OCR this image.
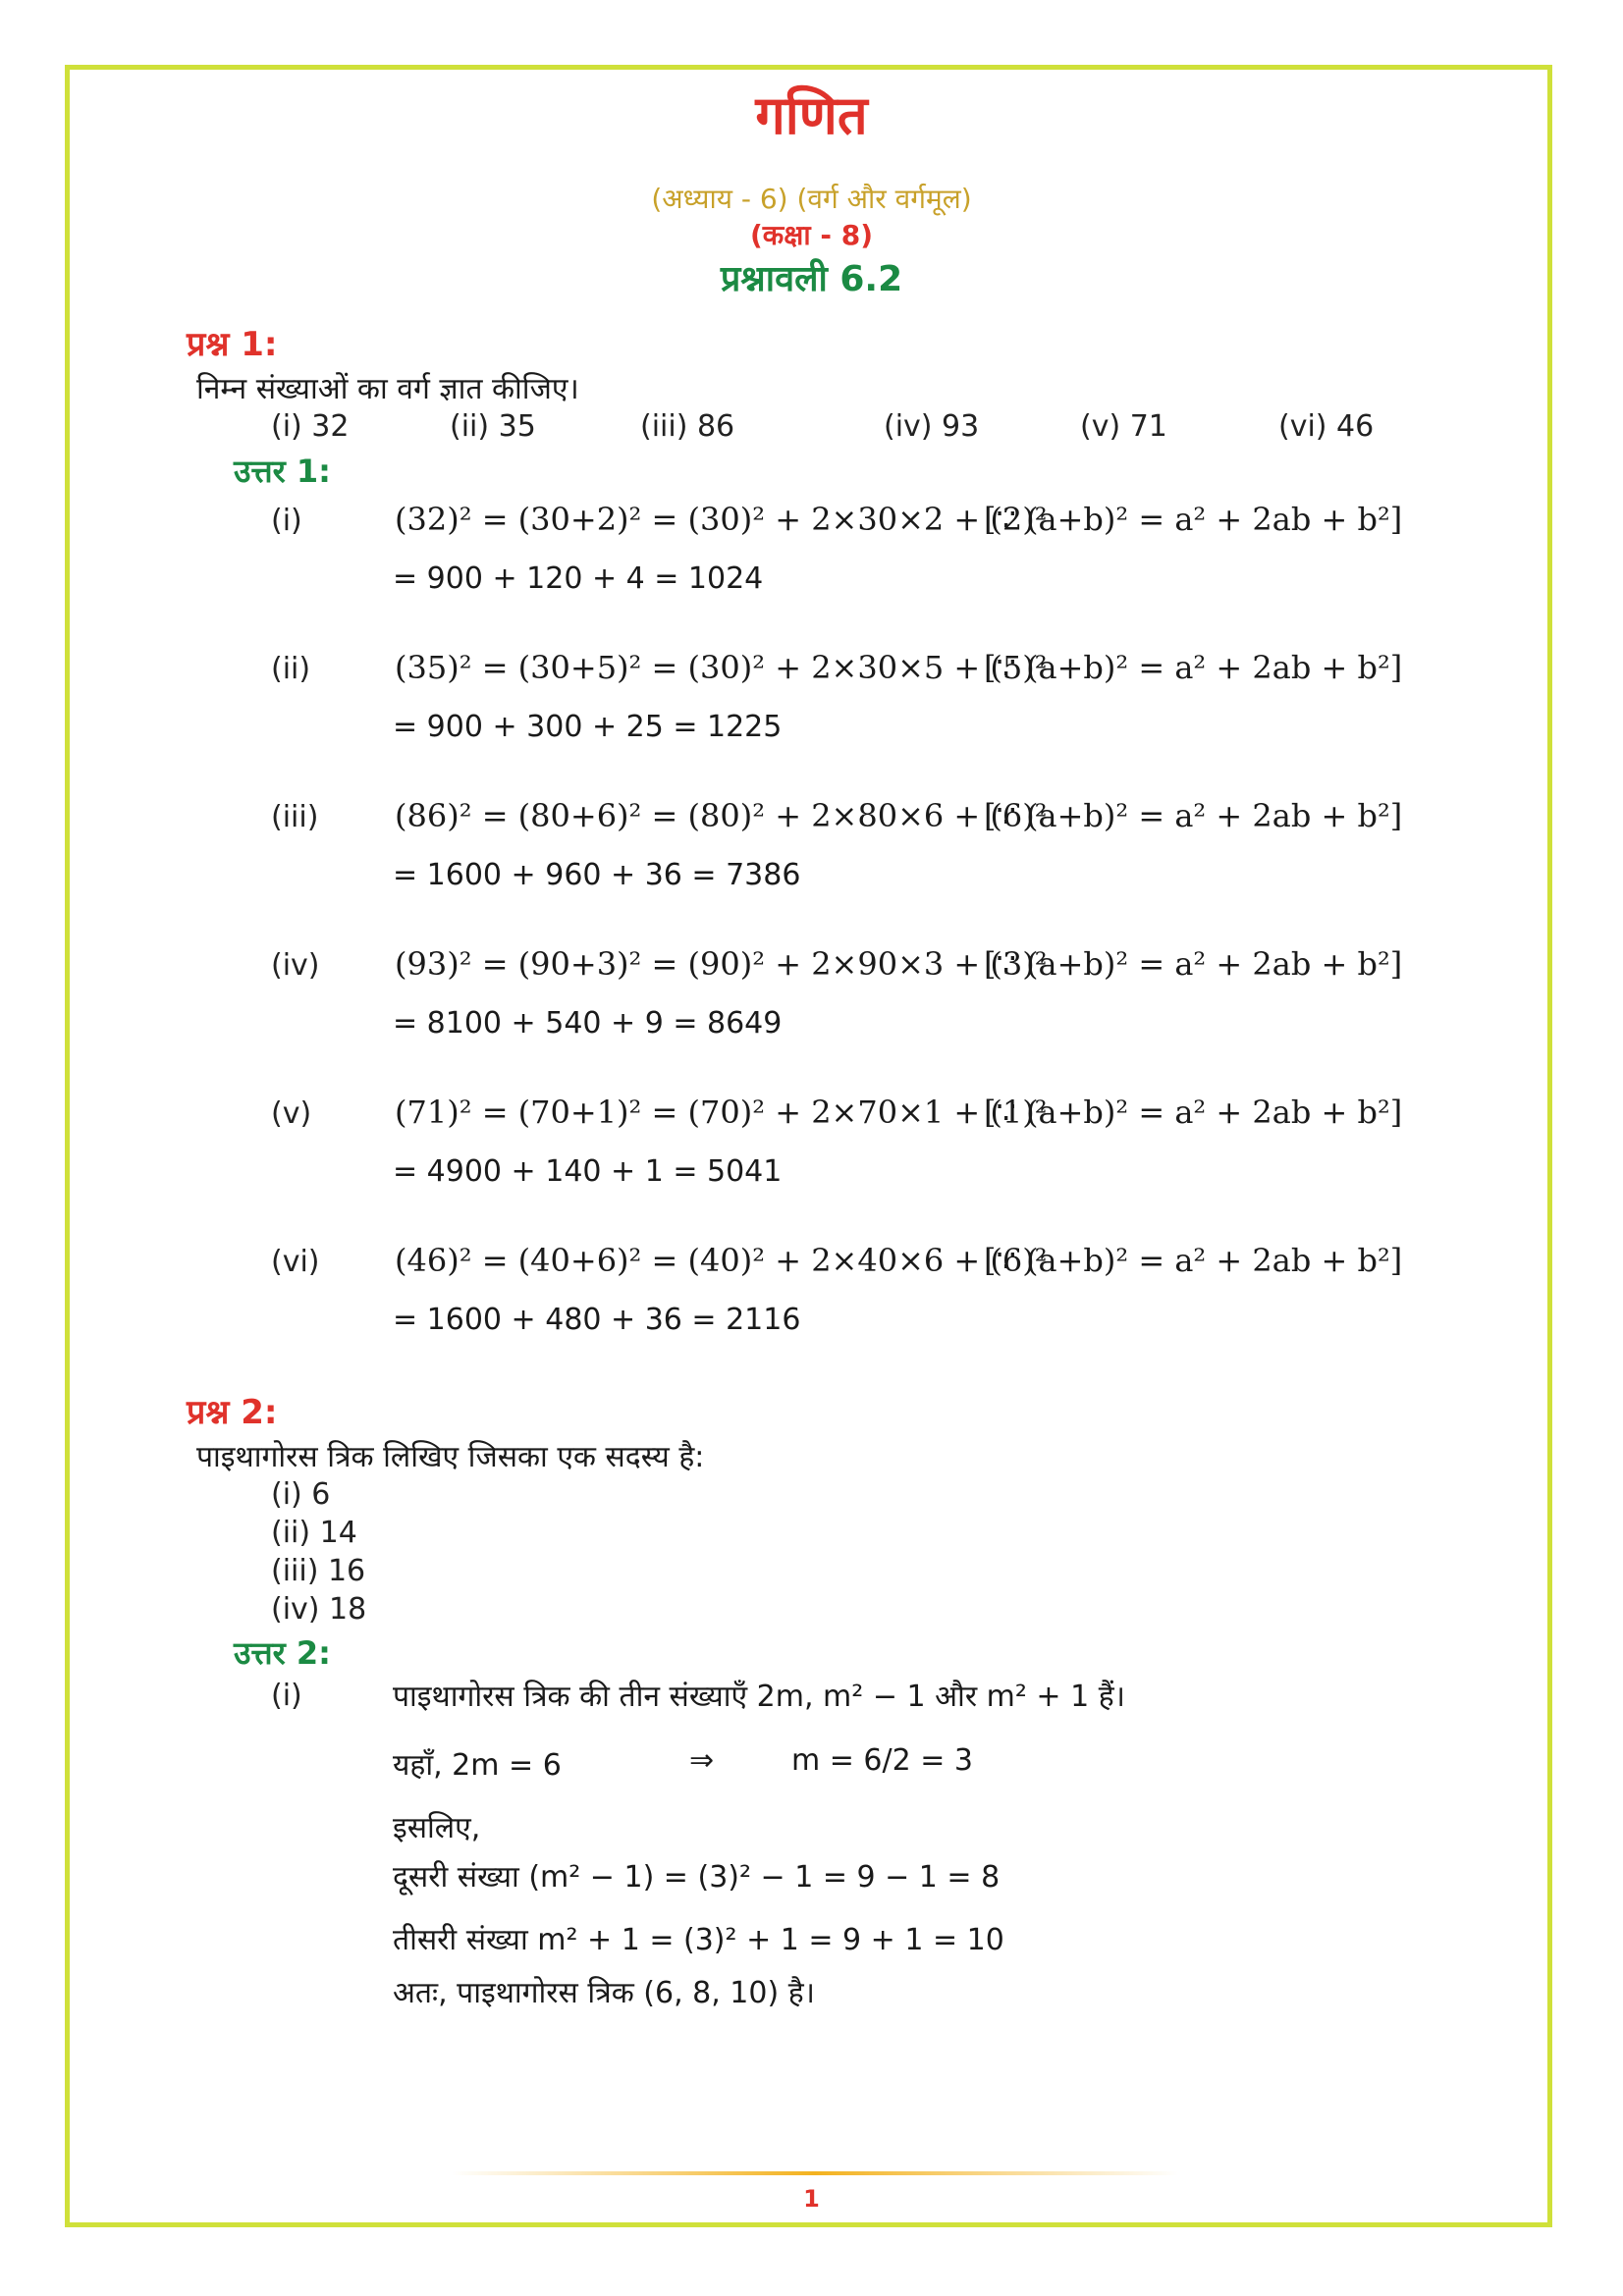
गणित
(अध्याय - 6) (वर्ग और वर्गमूल)
(कक्षा - 8)
प्रश्नावली 6.2
प्रश्न 1:
निम्न संख्याओं का वर्ग ज्ञात कीजिए।
(i) 32	(ii) 35	(iii) 86	(iv) 93	(v) 71	(vi) 46
उत्तर 1:
(i)	(32)² = (30+2)² = (30)² + 2×30×2 + (2)²
[∵ (a+b)² = a² + 2ab + b²]
= 900 + 120 + 4 = 1024
(ii)	(35)² = (30+5)² = (30)² + 2×30×5 + (5)²
[∵ (a+b)² = a² + 2ab + b²]
= 900 + 300 + 25 = 1225
(iii) (86)² = (80+6)² = (80)² + 2×80×6 + (6)²
[∵ (a+b)² = a² + 2ab + b²]
= 1600 + 960 + 36 = 7386
(iv) (93)² = (90+3)² = (90)² + 2×90×3 + (3)²
[∵ (a+b)² = a² + 2ab + b²]
= 8100 + 540 + 9 = 8649
(v)	(71)² = (70+1)² = (70)² + 2×70×1 + (1)²
[∵ (a+b)² = a² + 2ab + b²]
= 4900 + 140 + 1 = 5041
(vi) (46)² = (40+6)² = (40)² + 2×40×6 + (6)²
[∵ (a+b)² = a² + 2ab + b²]
= 1600 + 480 + 36 = 2116
प्रश्न 2:
पाइथागोरस त्रिक लिखिए जिसका एक सदस्य है:
(i) 6
(ii) 14
(iii) 16
(iv) 18
उत्तर 2:
(i)	पाइथागोरस त्रिक की तीन संख्याएँ 2m, m² − 1 और m² + 1 हैं।
यहाँ, 2m = 6	⇒	m = 6/2 = 3
इसलिए,
दूसरी संख्या (m² − 1) = (3)² − 1 = 9 − 1 = 8
तीसरी संख्या m² + 1 = (3)² + 1 = 9 + 1 = 10
अतः, पाइथागोरस त्रिक (6, 8, 10) है।
1
